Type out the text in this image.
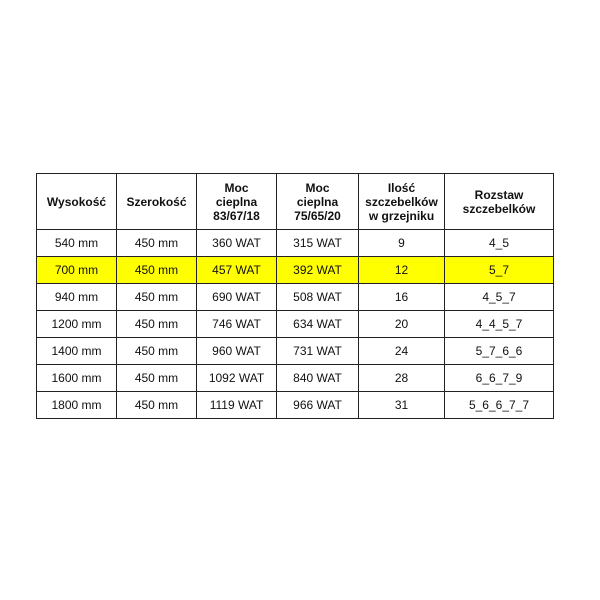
Wysokość	Szerokość	Moc
cieplna
83/67/18	Moc
cieplna
75/65/20	Ilość
szczebelków
w grzejniku	Rozstaw
szczebelków

540 mm	450 mm	360 WAT	315 WAT	9	4_5
700 mm	450 mm	457 WAT	392 WAT	12	5_7
940 mm	450 mm	690 WAT	508 WAT	16	4_5_7
1200 mm	450 mm	746 WAT	634 WAT	20	4_4_5_7
1400 mm	450 mm	960 WAT	731 WAT	24	5_7_6_6
1600 mm	450 mm	1092 WAT	840 WAT	28	6_6_7_9
1800 mm	450 mm	1119 WAT	966 WAT	31	5_6_6_7_7
